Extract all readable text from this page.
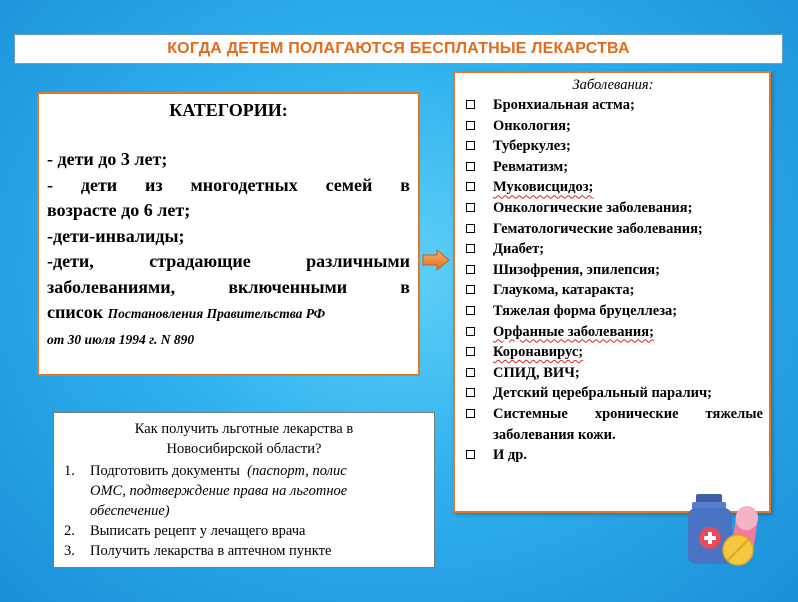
КОГДА ДЕТЕМ ПОЛАГАЮТСЯ БЕСПЛАТНЫЕ ЛЕКАРСТВА
КАТЕГОРИИ:
- дети до 3 лет;
- дети из многодетных семей в
возрасте до 6 лет;
-дети-инвалиды;
-дети, страдающие различными
заболеваниями, включенными в
список Постановления Правительства РФ
от 30 июля 1994 г. N 890
Заболевания:
Бронхиальная астма;
Онкология;
Туберкулез;
Ревматизм;
Муковисцидоз;
Онкологические заболевания;
Гематологические заболевания;
Диабет;
Шизофрения, эпилепсия;
Глаукома, катаракта;
Тяжелая форма бруцеллеза;
Орфанные заболевания;
Коронавирус;
СПИД, ВИЧ;
Детский церебральный паралич;
Системные хронические тяжелые
заболевания кожи.
И др.
Как получить льготные лекарства в
Новосибирской области?
1. Подготовить документы (паспорт, полис
ОМС, подтверждение права на льготное
обеспечение)
2. Выписать рецепт у лечащего врача
3. Получить лекарства в аптечном пункте
